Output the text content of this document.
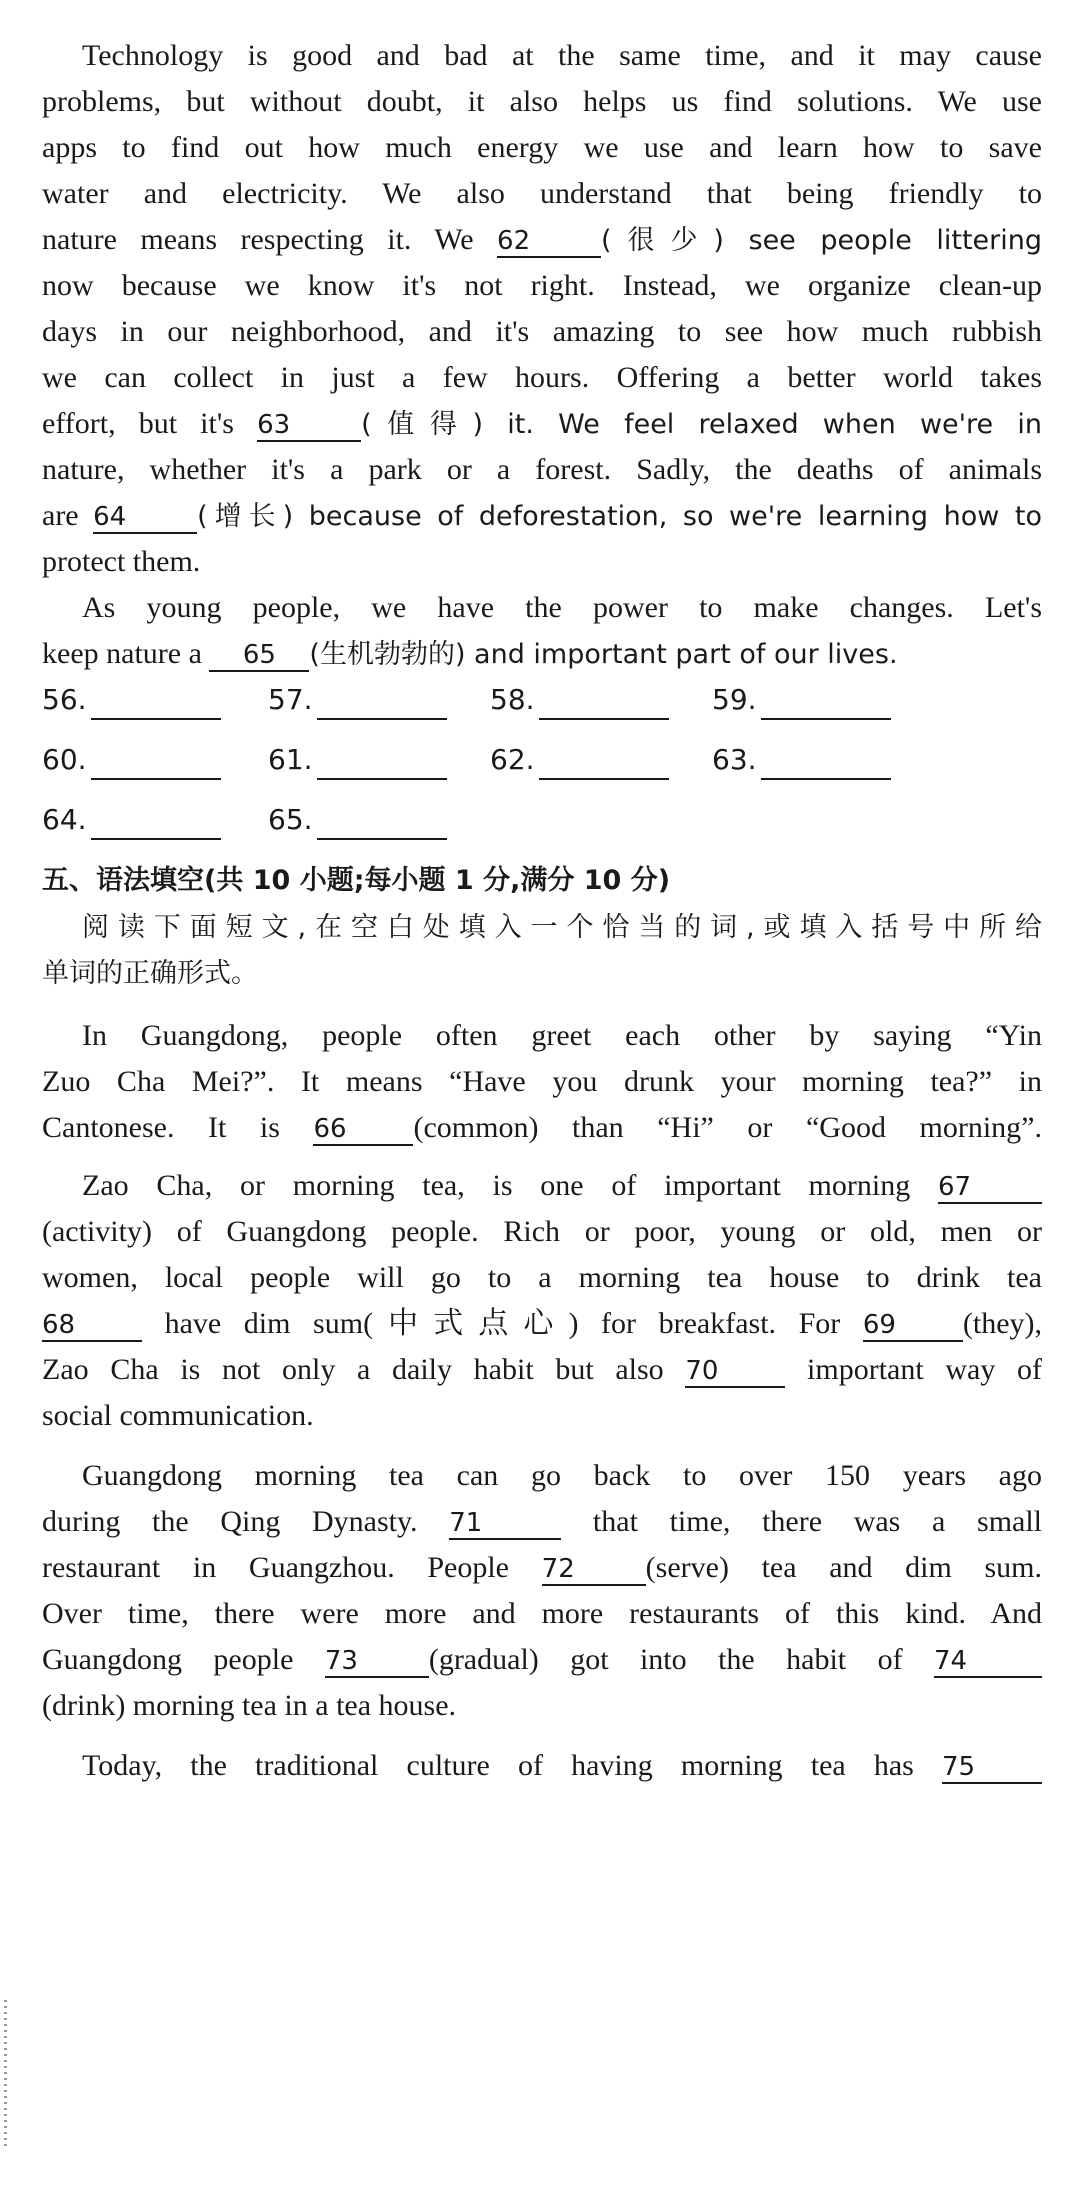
Technology is good and bad at the same time, and it may cause
problems, but without doubt, it also helps us find solutions. We use
apps to find out how much energy we use and learn how to save
water and electricity. We also understand that being friendly to
nature means respecting it. We 62	(很少) see people littering
now because we know it's not right. Instead, we organize clean-up
days in our neighborhood, and it's amazing to see how much rubbish
we can collect in just a few hours. Offering a better world takes
effort, but it's 63	(值得) it. We feel relaxed when we're in
nature, whether it's a park or a forest. Sadly, the deaths of animals
are 64	(增长) because of deforestation, so we're learning how to
protect them.
As young people, we have the power to make changes. Let's
keep nature a 65 (生机勃勃的) and important part of our lives.
56.	57.	58.	59.
60.	61.	62.	63.
64.	65.
五、语法填空(共 10 小题;每小题 1 分,满分 10 分)
阅读下面短文,在空白处填入一个恰当的词,或填入括号中所给
单词的正确形式。
In Guangdong, people often greet each other by saying “Yin
Zuo Cha Mei?”. It means “Have you drunk your morning tea?” in
Cantonese. It is 66 (common) than “Hi” or “Good morning”.
Zao Cha, or morning tea, is one of important morning 67
(activity) of Guangdong people. Rich or poor, young or old, men or
women, local people will go to a morning tea house to drink tea
68	have dim sum(中式点心) for breakfast. For 69 (they),
Zao Cha is not only a daily habit but also 70	important way of
social communication.
Guangdong morning tea can go back to over 150 years ago
during the Qing Dynasty. 71	that time, there was a small
restaurant in Guangzhou. People 72 (serve) tea and dim sum.
Over time, there were more and more restaurants of this kind. And
Guangdong people 73 (gradual) got into the habit of 74
(drink) morning tea in a tea house.
Today, the traditional culture of having morning tea has 75
